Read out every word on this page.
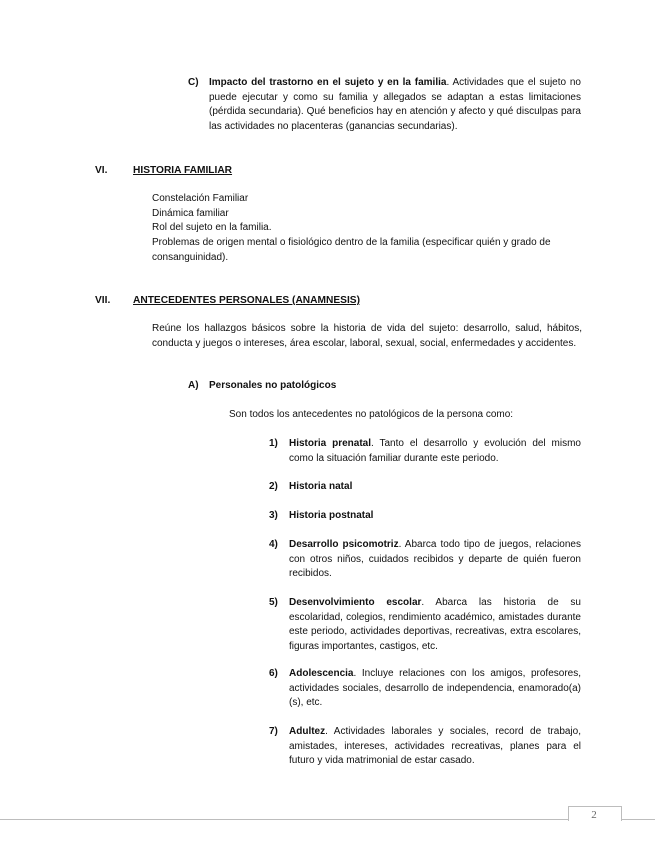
C) Impacto del trastorno en el sujeto y en la familia. Actividades que el sujeto no puede ejecutar y como su familia y allegados se adaptan a estas limitaciones (pérdida secundaria). Qué beneficios hay en atención y afecto y qué disculpas para las actividades no placenteras (ganancias secundarias).
VI.	HISTORIA FAMILIAR
Constelación Familiar
Dinámica familiar
Rol del sujeto en la familia.
Problemas de origen mental o fisiológico dentro de la familia (especificar quién y grado de consanguinidad).
VII. ANTECEDENTES PERSONALES (ANAMNESIS)
Reúne los hallazgos básicos sobre la historia de vida del sujeto: desarrollo, salud, hábitos, conducta y juegos o intereses, área escolar, laboral, sexual, social, enfermedades y accidentes.
A) Personales no patológicos
Son todos los antecedentes no patológicos de la persona como:
1) Historia prenatal. Tanto el desarrollo y evolución del mismo como la situación familiar durante este periodo.
2) Historia natal
3) Historia postnatal
4) Desarrollo psicomotriz. Abarca todo tipo de juegos, relaciones con otros niños, cuidados recibidos y departe de quién fueron recibidos.
5) Desenvolvimiento escolar. Abarca las historia de su escolaridad, colegios, rendimiento académico, amistades durante este periodo, actividades deportivas, recreativas, extra escolares, figuras importantes, castigos, etc.
6) Adolescencia. Incluye relaciones con los amigos, profesores, actividades sociales, desarrollo de independencia, enamorado(a) (s), etc.
7) Adultez. Actividades laborales y sociales, record de trabajo, amistades, intereses, actividades recreativas, planes para el futuro y vida matrimonial de estar casado.
2
